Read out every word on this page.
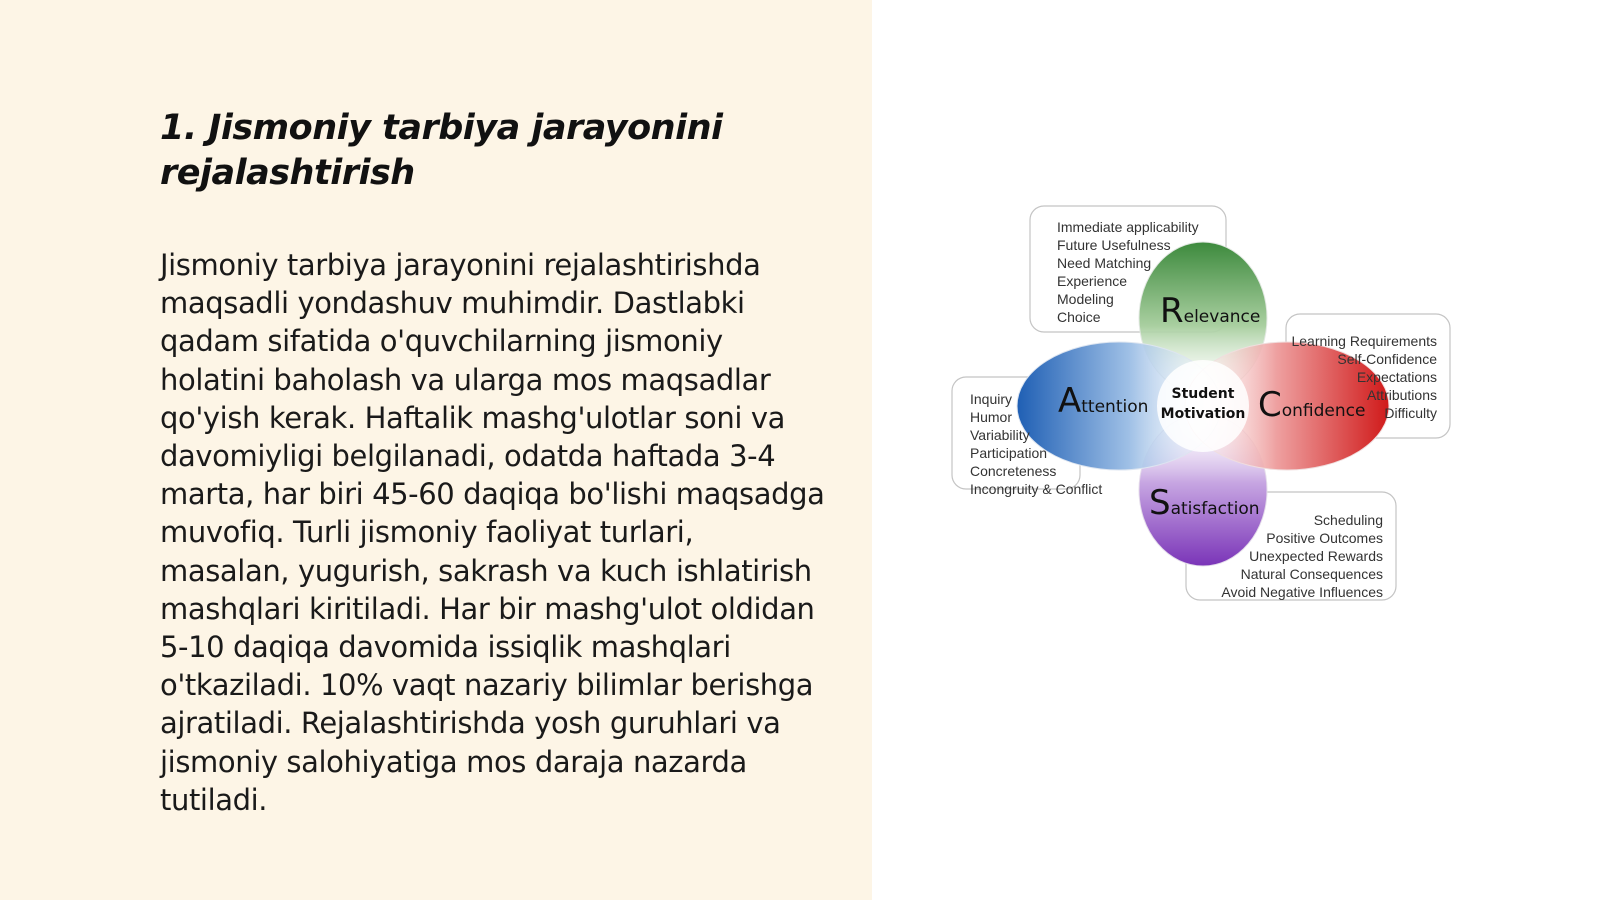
1. Jismoniy tarbiya jarayonini rejalashtirish

Jismoniy tarbiya jarayonini rejalashtirishda maqsadli yondashuv muhimdir. Dastlabki qadam sifatida o'quvchilarning jismoniy holatini baholash va ularga mos maqsadlar qo'yish kerak. Haftalik mashg'ulotlar soni va davomiyligi belgilanadi, odatda haftada 3-4 marta, har biri 45-60 daqiqa bo'lishi maqsadga muvofiq. Turli jismoniy faoliyat turlari, masalan, yugurish, sakrash va kuch ishlatirish mashqlari kiritiladi. Har bir mashg'ulot oldidan 5-10 daqiqa davomida issiqlik mashqlari o'tkaziladi. 10% vaqt nazariy bilimlar berishga ajratiladi. Rejalashtirishda yosh guruhlari va jismoniy salohiyatiga mos daraja nazarda tutiladi.

Immediate applicability
Future Usefulness
Need Matching
Experience
Modeling
Choice
Inquiry
Humor
Variability
Participation
Concreteness
Incongruity & Conflict
Learning Requirements
Self-Confidence
Expectations
Attributions
Difficulty
Scheduling
Positive Outcomes
Unexpected Rewards
Natural Consequences
Avoid Negative Influences
Relevance
Attention	Confidence
Satisfaction
Student
Motivation
